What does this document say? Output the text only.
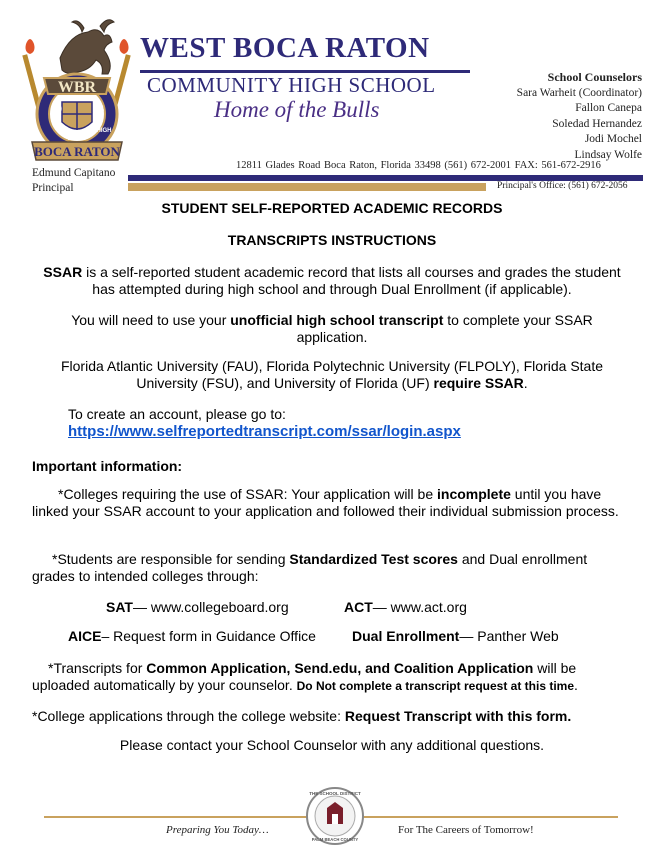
WBR
20	04
WEST
HIGH
BOCA RATON
WEST BOCA RATON
COMMUNITY HIGH SCHOOL
Home of the Bulls
School Counselors
Sara Warheit (Coordinator)
Fallon Canepa
Soledad Hernandez
Jodi Mochel
Lindsay Wolfe
12811 Glades Road Boca Raton, Florida 33498 (561) 672-2001 FAX: 561-672-2916
Edmund Capitano
Principal	Principal's Office: (561) 672-2056
STUDENT SELF-REPORTED ACADEMIC RECORDS
TRANSCRIPTS INSTRUCTIONS
SSAR is a self-reported student academic record that lists all courses and grades the student has attempted during high school and through Dual Enrollment (if applicable).
You will need to use your unofficial high school transcript to complete your SSAR application.
Florida Atlantic University (FAU), Florida Polytechnic University (FLPOLY), Florida State University (FSU), and University of Florida (UF) require SSAR.
To create an account, please go to:
https://www.selfreportedtranscript.com/ssar/login.aspx
Important information:
*Colleges requiring the use of SSAR: Your application will be incomplete until you have linked your SSAR account to your application and followed their individual submission process.
*Students are responsible for sending Standardized Test scores and Dual enrollment grades to intended colleges through:
SAT— www.collegeboard.org	ACT— www.act.org
AICE– Request form in Guidance Office	Dual Enrollment— Panther Web
*Transcripts for Common Application, Send.edu, and Coalition Application will be uploaded automatically by your counselor. Do Not complete a transcript request at this time.
*College applications through the college website: Request Transcript with this form.
Please contact your School Counselor with any additional questions.
THE SCHOOL DISTRICT
PALM BEACH COUNTY
Preparing You Today…	For The Careers of Tomorrow!
